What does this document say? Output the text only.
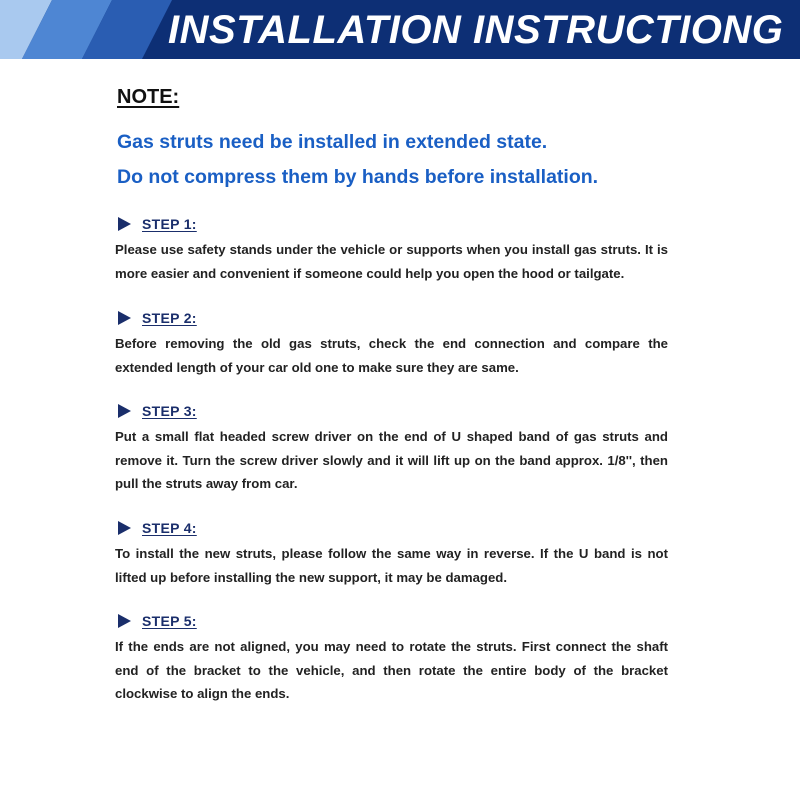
INSTALLATION INSTRUCTIONG
NOTE:
Gas struts need be installed in extended state.
Do not compress them by hands before installation.
STEP 1:
Please use safety stands under the vehicle or supports when you install gas struts. It is more easier and convenient if someone could help you open the hood or tailgate.
STEP 2:
Before removing the old gas struts, check the end connection and compare the extended length of your car old one to make sure they are same.
STEP 3:
Put a small flat headed screw driver on the end of U shaped band of gas struts and remove it. Turn the screw driver slowly and it will lift up on the band approx. 1/8'', then pull the struts away from car.
STEP 4:
To install the new struts, please follow the same way in reverse. If the U band is not lifted up before installing the new support, it may be damaged.
STEP 5:
If the ends are not aligned, you may need to rotate the struts. First connect the shaft end of the bracket to the vehicle, and then rotate the entire body of the bracket clockwise to align the ends.
